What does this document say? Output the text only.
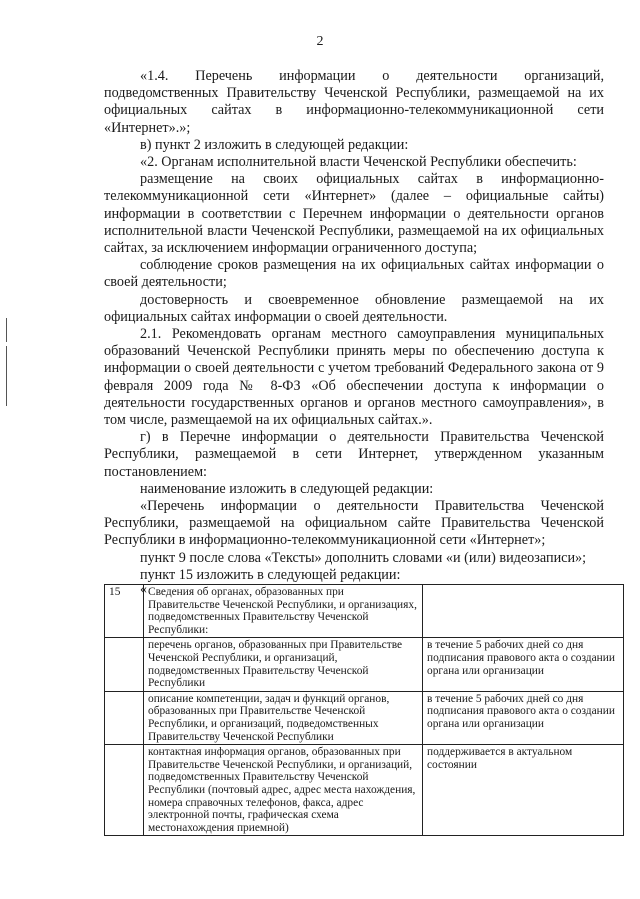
2

«1.4. Перечень информации о деятельности организаций, подведомственных Правительству Чеченской Республики, размещаемой на их официальных сайтах в информационно-телекоммуникационной сети «Интернет».»;

в) пункт 2 изложить в следующей редакции:

«2. Органам исполнительной власти Чеченской Республики обеспечить:

размещение на своих официальных сайтах в информационно-телекоммуникационной сети «Интернет» (далее – официальные сайты) информации в соответствии с Перечнем информации о деятельности органов исполнительной власти Чеченской Республики, размещаемой на их официальных сайтах, за исключением информации ограниченного доступа;

соблюдение сроков размещения на их официальных сайтах информации о своей деятельности;

достоверность и своевременное обновление размещаемой на их официальных сайтах информации о своей деятельности.

2.1. Рекомендовать органам местного самоуправления муниципальных образований Чеченской Республики принять меры по обеспечению доступа к информации о своей деятельности с учетом требований Федерального закона от 9 февраля 2009 года № 8-ФЗ «Об обеспечении доступа к информации о деятельности государственных органов и органов местного самоуправления», в том числе, размещаемой на их официальных сайтах.».

г) в Перечне информации о деятельности Правительства Чеченской Республики, размещаемой в сети Интернет, утвержденном указанным постановлением:

наименование изложить в следующей редакции:

«Перечень информации о деятельности Правительства Чеченской Республики, размещаемой на официальном сайте Правительства Чеченской Республики в информационно-телекоммуникационной сети «Интернет»;

пункт 9 после слова «Тексты» дополнить словами «и (или) видеозаписи»;

пункт 15 изложить в следующей редакции:

«

15	Сведения об органах, образованных при Правительстве Чеченской Республики, и организациях, подведомственных Правительству Чеченской Республики:	
	перечень органов, образованных при Правительстве Чеченской Республики, и организаций, подведомственных Правительству Чеченской Республики	в течение 5 рабочих дней со дня подписания правового акта о создании органа или организации
	описание компетенции, задач и функций органов, образованных при Правительстве Чеченской Республики, и организаций, подведомственных Правительству Чеченской Республики	в течение 5 рабочих дней со дня подписания правового акта о создании органа или организации
	контактная информация органов, образованных при Правительстве Чеченской Республики, и организаций, подведомственных Правительству Чеченской Республики (почтовый адрес, адрес места нахождения, номера справочных телефонов, факса, адрес электронной почты, графическая схема местонахождения приемной)	поддерживается в актуальном состоянии
